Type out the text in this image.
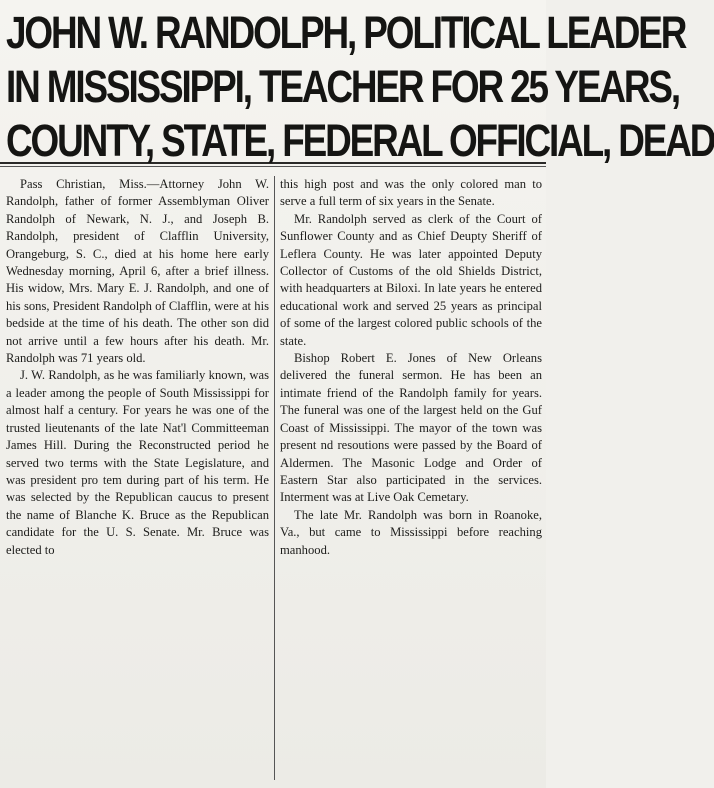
JOHN W. RANDOLPH, POLITICAL LEADER
IN MISSISSIPPI, TEACHER FOR 25 YEARS,
COUNTY, STATE, FEDERAL OFFICIAL, DEAD

Pass Christian, Miss.—Attorney John W. Randolph, father of former Assemblyman Oliver Randolph of Newark, N. J., and Joseph B. Randolph, president of Clafflin University, Orangeburg, S. C., died at his home here early Wednesday morning, April 6, after a brief illness. His widow, Mrs. Mary E. J. Randolph, and one of his sons, President Randolph of Clafflin, were at his bedside at the time of his death. The other son did not arrive until a few hours after his death. Mr. Randolph was 71 years old.

J. W. Randolph, as he was familiarly known, was a leader among the people of South Mississippi for almost half a century. For years he was one of the trusted lieutenants of the late Nat'l Committeeman James Hill. During the Reconstructed period he served two terms with the State Legislature, and was president pro tem during part of his term. He was selected by the Republican caucus to present the name of Blanche K. Bruce as the Republican candidate for the U. S. Senate. Mr. Bruce was elected to

this high post and was the only colored man to serve a full term of six years in the Senate.

Mr. Randolph served as clerk of the Court of Sunflower County and as Chief Deupty Sheriff of Leflera County. He was later appointed Deputy Collector of Customs of the old Shields District, with headquarters at Biloxi. In late years he entered educational work and served 25 years as principal of some of the largest colored public schools of the state.

Bishop Robert E. Jones of New Orleans delivered the funeral sermon. He has been an intimate friend of the Randolph family for years. The funeral was one of the largest held on the Guf Coast of Mississippi. The mayor of the town was present nd resoutions were passed by the Board of Aldermen. The Masonic Lodge and Order of Eastern Star also participated in the services. Interment was at Live Oak Cemetary.

The late Mr. Randolph was born in Roanoke, Va., but came to Mississippi before reaching manhood.
